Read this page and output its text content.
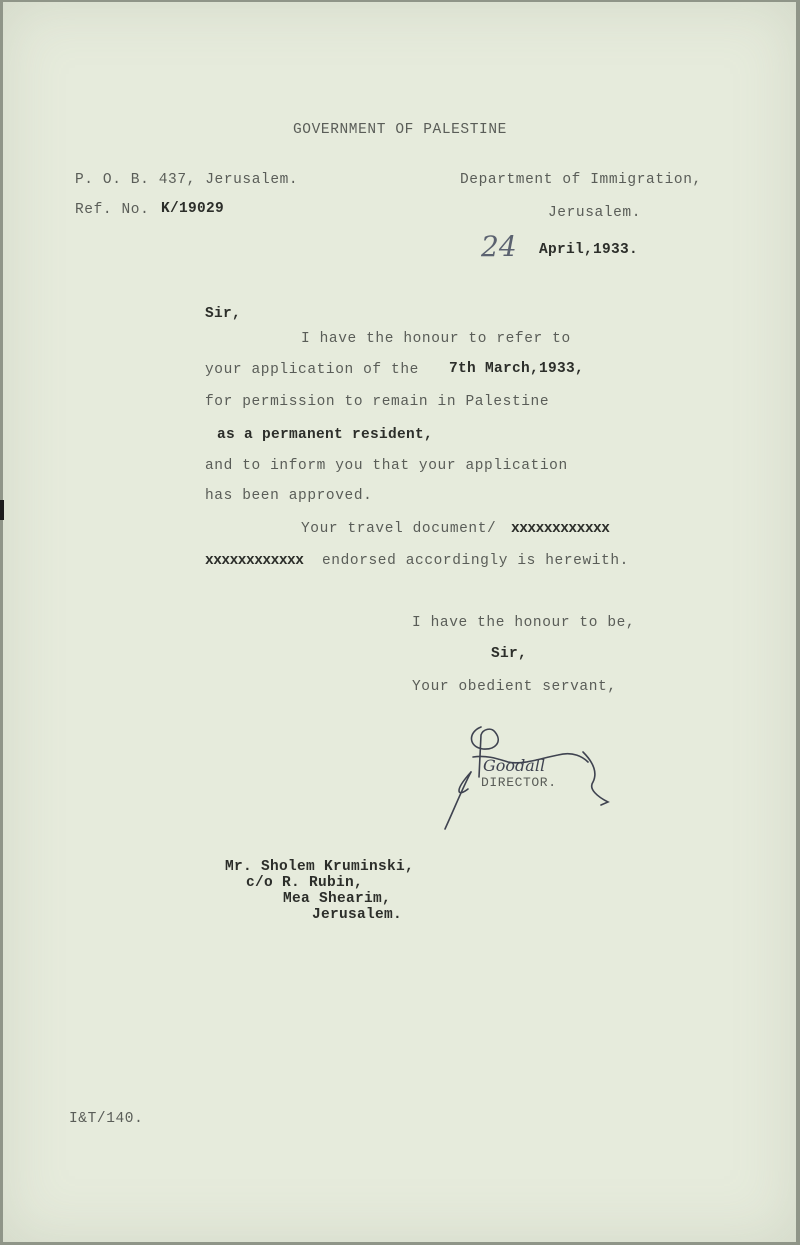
GOVERNMENT OF PALESTINE
P. O. B. 437, Jerusalem.
Ref. No. K/19029
Department of Immigration,
Jerusalem.
24 April,1933.
Sir,
I have the honour to refer to
your application of the 7th March,1933,
for permission to remain in Palestine
as a permanent resident,
and to inform you that your application
has been approved.
Your travel document/ xxxxxxxxxxxx
xxxxxxxxxxxx endorsed accordingly is herewith.
I have the honour to be,
Sir,
Your obedient servant,
Goodall
DIRECTOR.
Mr. Sholem Kruminski,
c/o R. Rubin,
Mea Shearim,
Jerusalem.
I&T/140.
